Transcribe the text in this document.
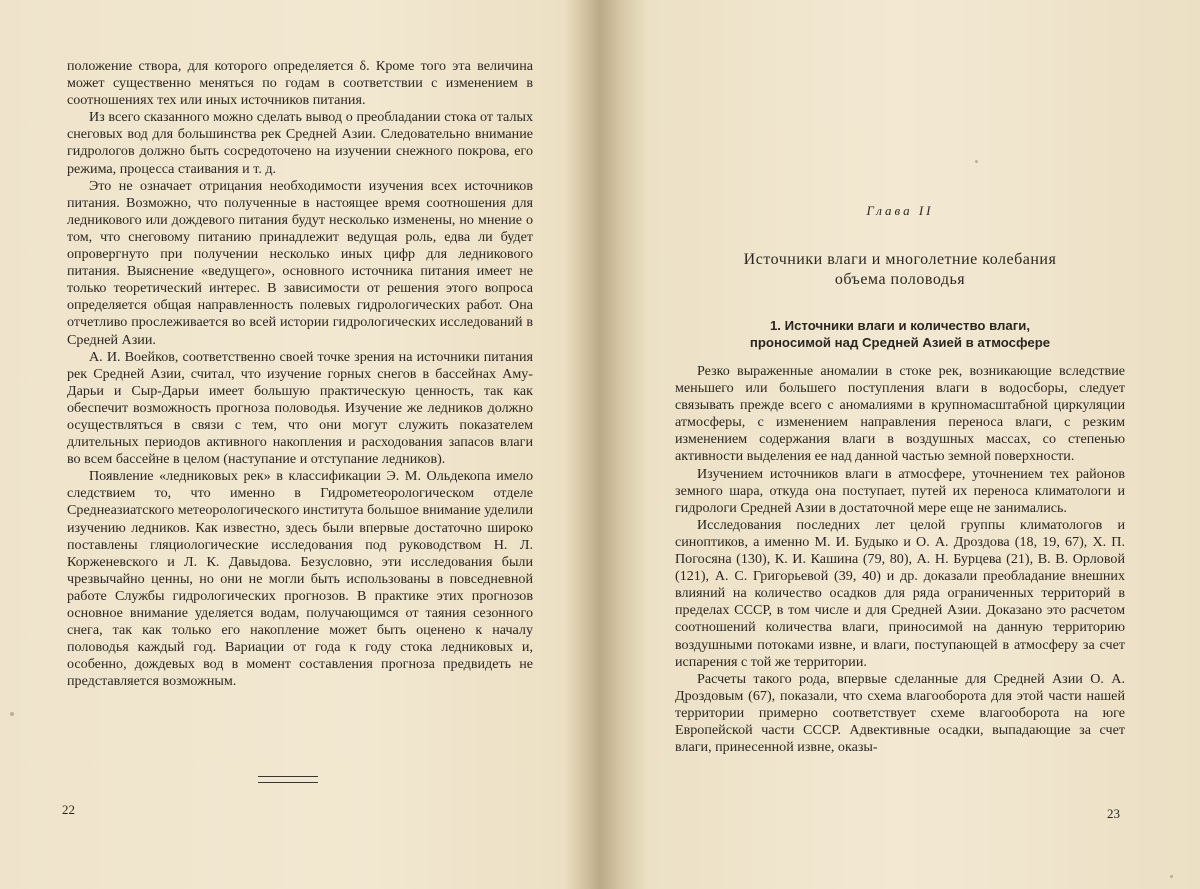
положение створа, для которого определяется δ. Кроме того эта величина может существенно меняться по годам в соответствии с изменением в соотношениях тех или иных источников питания.

Из всего сказанного можно сделать вывод о преобладании стока от талых снеговых вод для большинства рек Средней Азии. Следовательно внимание гидрологов должно быть сосредоточено на изучении снежного покрова, его режима, процесса стаивания и т. д.

Это не означает отрицания необходимости изучения всех источников питания. Возможно, что полученные в настоящее время соотношения для ледникового или дождевого питания будут несколько изменены, но мнение о том, что снеговому питанию принадлежит ведущая роль, едва ли будет опровергнуто при получении несколько иных цифр для ледникового питания. Выяснение «ведущего», основного источника питания имеет не только теоретический интерес. В зависимости от решения этого вопроса определяется общая направленность полевых гидрологических работ. Она отчетливо прослеживается во всей истории гидрологических исследований в Средней Азии.

А. И. Воейков, соответственно своей точке зрения на источники питания рек Средней Азии, считал, что изучение горных снегов в бассейнах Аму-Дарьи и Сыр-Дарьи имеет большую практическую ценность, так как обеспечит возможность прогноза половодья. Изучение же ледников должно осуществляться в связи с тем, что они могут служить показателем длительных периодов активного накопления и расходования запасов влаги во всем бассейне в целом (наступание и отступание ледников).

Появление «ледниковых рек» в классификации Э. М. Ольдекопа имело следствием то, что именно в Гидрометеорологическом отделе Среднеазиатского метеорологического института большое внимание уделили изучению ледников. Как известно, здесь были впервые достаточно широко поставлены гляциологические исследования под руководством Н. Л. Корженевского и Л. К. Давыдова. Безусловно, эти исследования были чрезвычайно ценны, но они не могли быть использованы в повседневной работе Службы гидрологических прогнозов. В практике этих прогнозов основное внимание уделяется водам, получающимся от таяния сезонного снега, так как только его накопление может быть оценено к началу половодья каждый год. Вариации от года к году стока ледниковых и, особенно, дождевых вод в момент составления прогноза предвидеть не представляется возможным.

22
Глава II
Источники влаги и многолетние колебания
объема половодья
1. Источники влаги и количество влаги,
проносимой над Средней Азией в атмосфере

Резко выраженные аномалии в стоке рек, возникающие вследствие меньшего или большего поступления влаги в водосборы, следует связывать прежде всего с аномалиями в крупномасштабной циркуляции атмосферы, с изменением направления переноса влаги, с резким изменением содержания влаги в воздушных массах, со степенью активности выделения ее над данной частью земной поверхности.

Изучением источников влаги в атмосфере, уточнением тех районов земного шара, откуда она поступает, путей их переноса климатологи и гидрологи Средней Азии в достаточной мере еще не занимались.

Исследования последних лет целой группы климатологов и синоптиков, а именно М. И. Будыко и О. А. Дроздова (18, 19, 67), Х. П. Погосяна (130), К. И. Кашина (79, 80), А. Н. Бурцева (21), В. В. Орловой (121), А. С. Григорьевой (39, 40) и др. доказали преобладание внешних влияний на количество осадков для ряда ограниченных территорий в пределах СССР, в том числе и для Средней Азии. Доказано это расчетом соотношений количества влаги, приносимой на данную территорию воздушными потоками извне, и влаги, поступающей в атмосферу за счет испарения с той же территории.

Расчеты такого рода, впервые сделанные для Средней Азии О. А. Дроздовым (67), показали, что схема влагооборота для этой части нашей территории примерно соответствует схеме влагооборота на юге Европейской части СССР. Адвективные осадки, выпадающие за счет влаги, принесенной извне, оказы-

23
